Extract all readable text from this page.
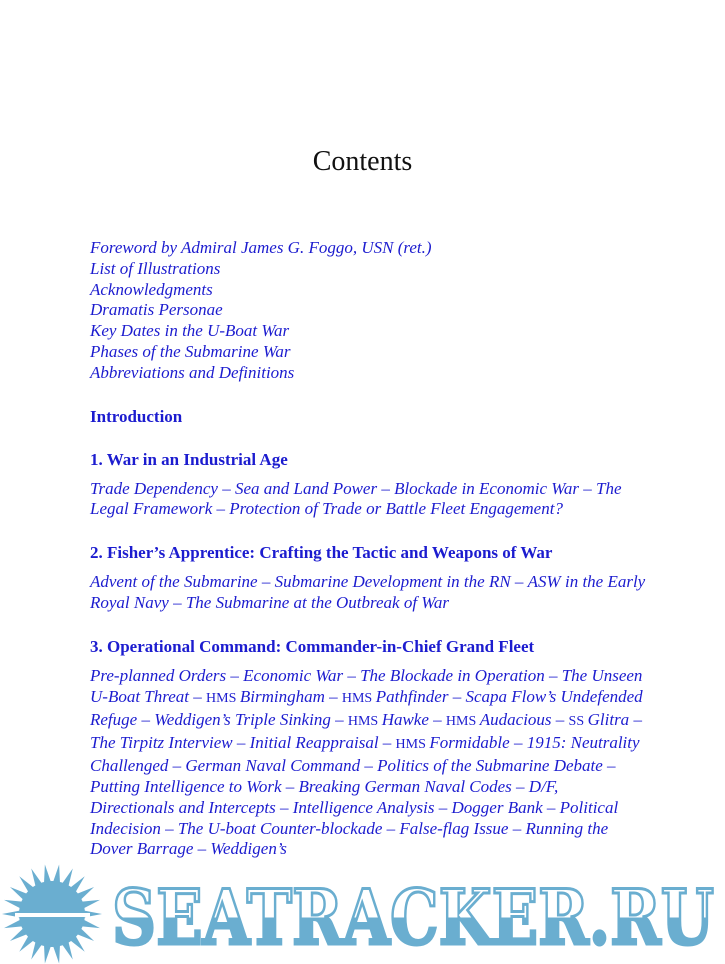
Contents
Foreword by Admiral James G. Foggo, USN (ret.)
List of Illustrations
Acknowledgments
Dramatis Personae
Key Dates in the U-Boat War
Phases of the Submarine War
Abbreviations and Definitions
Introduction
1. War in an Industrial Age
Trade Dependency – Sea and Land Power – Blockade in Economic War – The Legal Framework – Protection of Trade or Battle Fleet Engagement?
2. Fisher’s Apprentice: Crafting the Tactic and Weapons of War
Advent of the Submarine – Submarine Development in the RN – ASW in the Early Royal Navy – The Submarine at the Outbreak of War
3. Operational Command: Commander-in-Chief Grand Fleet
Pre-planned Orders – Economic War – The Blockade in Operation – The Unseen U-Boat Threat – HMS Birmingham – HMS Pathfinder – Scapa Flow’s Undefended Refuge – Weddigen’s Triple Sinking – HMS Hawke – HMS Audacious – SS Glitra – The Tirpitz Interview – Initial Reappraisal – HMS Formidable – 1915: Neutrality Challenged – German Naval Command – Politics of the Submarine Debate – Putting Intelligence to Work – Breaking German Naval Codes – D/F, Directionals and Intercepts – Intelligence Analysis – Dogger Bank – Political Indecision – The U-boat Counter-blockade – False-flag Issue – Running the Dover Barrage – Weddigen’s
SEATRACKER.RU
